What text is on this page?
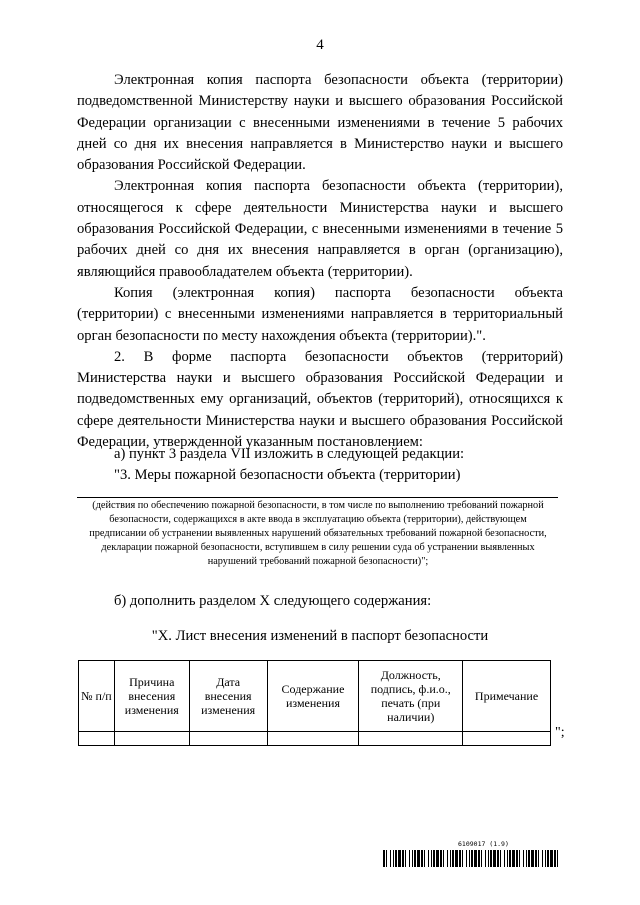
4

Электронная копия паспорта безопасности объекта (территории) подведомственной Министерству науки и высшего образования Российской Федерации организации с внесенными изменениями в течение 5 рабочих дней со дня их внесения направляется в Министерство науки и высшего образования Российской Федерации.

Электронная копия паспорта безопасности объекта (территории), относящегося к сфере деятельности Министерства науки и высшего образования Российской Федерации, с внесенными изменениями в течение 5 рабочих дней со дня их внесения направляется в орган (организацию), являющийся правообладателем объекта (территории).

Копия (электронная копия) паспорта безопасности объекта (территории) с внесенными изменениями направляется в территориальный орган безопасности по месту нахождения объекта (территории).".

2. В форме паспорта безопасности объектов (территорий) Министерства науки и высшего образования Российской Федерации и подведомственных ему организаций, объектов (территорий), относящихся к сфере деятельности Министерства науки и высшего образования Российской Федерации, утвержденной указанным постановлением:

а) пункт 3 раздела VII изложить в следующей редакции:
"3. Меры пожарной безопасности объекта (территории)
(действия по обеспечению пожарной безопасности, в том числе по выполнению требований пожарной безопасности, содержащихся в акте ввода в эксплуатацию объекта (территории), действующем предписании об устранении выявленных нарушений обязательных требований пожарной безопасности, декларации пожарной безопасности, вступившем в силу решении суда об устранении выявленных нарушений требований пожарной безопасности)";
б) дополнить разделом X следующего содержания:
"X. Лист внесения изменений в паспорт безопасности
№ п/п	Причина внесения изменения	Дата внесения изменения	Содержание изменения	Должность, подпись, ф.и.о., печать (при наличии)	Примечание

";
6109017 (1.9)
